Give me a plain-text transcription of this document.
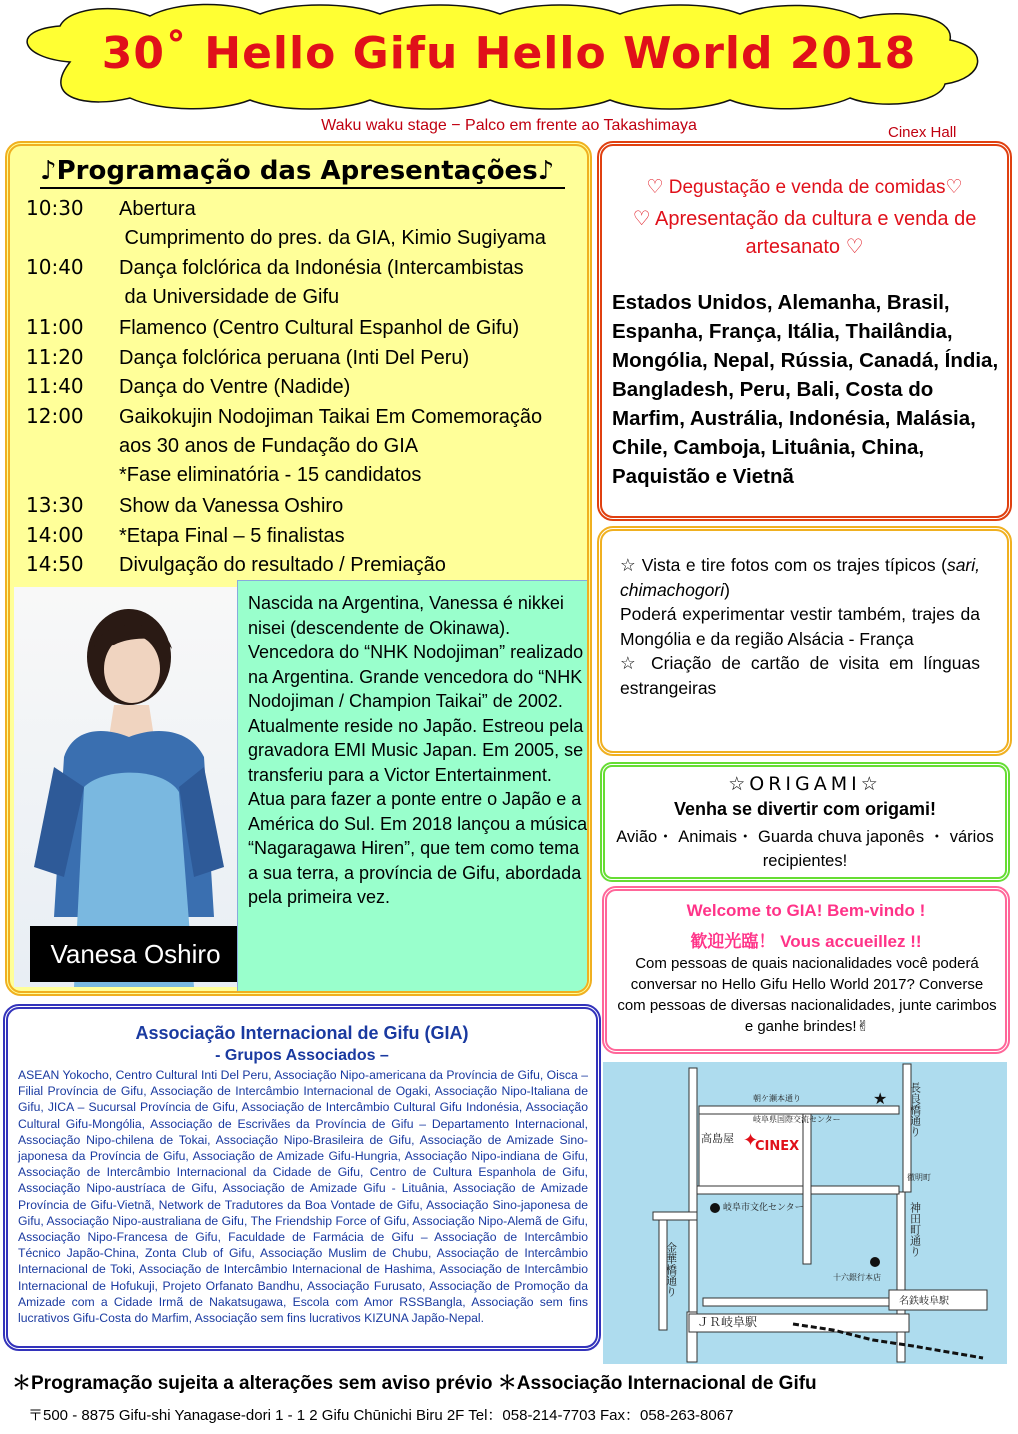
30˚ Hello Gifu Hello World 2018
Waku waku stage − Palco em frente ao Takashimaya	Cinex Hall
♪Programação das Apresentações♪
10:30 Abertura
Cumprimento do pres. da GIA, Kimio Sugiyama
10:40 Dança folclórica da Indonésia (Intercambistas
da Universidade de Gifu
11:00 Flamenco (Centro Cultural Espanhol de Gifu)
11:20 Dança folclórica peruana (Inti Del Peru)
11:40 Dança do Ventre (Nadide)
12:00 Gaikokujin Nodojiman Taikai Em Comemoração
aos 30 anos de Fundação do GIA
*Fase eliminatória - 15 candidatos
13:30 Show da Vanessa Oshiro
14:00 *Etapa Final – 5 finalistas
14:50 Divulgação do resultado / Premiação
Vanesa Oshiro
Nascida na Argentina, Vanessa é nikkei nisei (descendente de Okinawa). Vencedora do “NHK Nodojiman” realizado na Argentina. Grande vencedora do “NHK Nodojiman / Champion Taikai” de 2002. Atualmente reside no Japão. Estreou pela gravadora EMI Music Japan. Em 2005, se transferiu para a Victor Entertainment. Atua para fazer a ponte entre o Japão e a América do Sul. Em 2018 lançou a música “Nagaragawa Hiren”, que tem como tema a sua terra, a província de Gifu, abordada pela primeira vez.
♡ Degustação e venda de comidas♡
♡ Apresentação da cultura e venda de
artesanato ♡
Estados Unidos, Alemanha, Brasil, Espanha, França, Itália, Thailândia, Mongólia, Nepal, Rússia, Canadá, Índia, Bangladesh, Peru, Bali, Costa do Marfim, Austrália, Indonésia, Malásia, Chile, Camboja, Lituânia, China, Paquistão e Vietnã
☆ Vista e tire fotos com os trajes típicos (sari, chimachogori)
Poderá experimentar vestir também, trajes da Mongólia e da região Alsácia - França
☆ Criação de cartão de visita em línguas estrangeiras
☆ORIGAMI☆
Venha se divertir com origami!
Avião・ Animais・ Guarda chuva japonês ・ vários recipientes!
Welcome to GIA! Bem-vindo !
歓迎光臨！ Vous accueillez !!
Com pessoas de quais nacionalidades você poderá conversar no Hello Gifu Hello World 2017? Converse com pessoas de diversas nacionalidades, junte carimbos e ganhe brindes!✌
Associação Internacional de Gifu (GIA)
- Grupos Associados –
ASEAN Yokocho, Centro Cultural Inti Del Peru, Associação Nipo-americana da Província de Gifu, Oisca – Filial Província de Gifu, Associação de Intercâmbio Internacional de Ogaki, Associação Nipo-Italiana de Gifu, JICA – Sucursal Província de Gifu, Associação de Intercâmbio Cultural Gifu Indonésia, Associação Cultural Gifu-Mongólia, Associação de Escrivães da Província de Gifu – Departamento Internacional, Associação Nipo-chilena de Tokai, Associação Nipo-Brasileira de Gifu, Associação de Amizade Sino-japonesa da Província de Gifu, Associação de Amizade Gifu-Hungria, Associação Nipo-indiana de Gifu, Associação de Intercâmbio Internacional da Cidade de Gifu, Centro de Cultura Espanhola de Gifu, Associação Nipo-austríaca de Gifu, Associação de Amizade Gifu - Lituânia, Associação de Amizade Província de Gifu-Vietnã, Network de Tradutores da Boa Vontade de Gifu, Associação Sino-japonesa de Gifu, Associação Nipo-australiana de Gifu, The Friendship Force of Gifu, Associação Nipo-Alemã de Gifu, Associação Nipo-Francesa de Gifu, Faculdade de Farmácia de Gifu – Associação de Intercâmbio Técnico Japão-China, Zonta Club of Gifu, Associação Muslim de Chubu, Associação de Intercâmbio Internacional de Toki, Associação de Intercâmbio Internacional de Hashima, Associação de Intercâmbio Internacional de Hofukuji, Projeto Orfanato Bandhu, Associação Furusato, Associação de Promoção da Amizade com a Cidade Irmã de Nakatsugawa, Escola com Amor RSSBangla, Associação sem fins lucrativos Gifu-Costa do Marfim, Associação sem fins lucrativos KIZUNA Japão-Nepal.
高島屋
CINEX
✦
朝ケ瀬本通り
岐阜県国際交流センター
★
徹明町
岐阜市文化センター
十六銀行本店
名鉄岐阜駅
ＪＲ岐阜駅
長良橋通り
神田町通り
金華橋通り
＊Programação sujeita a alterações sem aviso prévio ＊Associação Internacional de Gifu
〒500 - 8875 Gifu-shi Yanagase-dori 1 - 1 2 Gifu Chūnichi Biru 2F Tel：058-214-7703 Fax：058-263-8067
